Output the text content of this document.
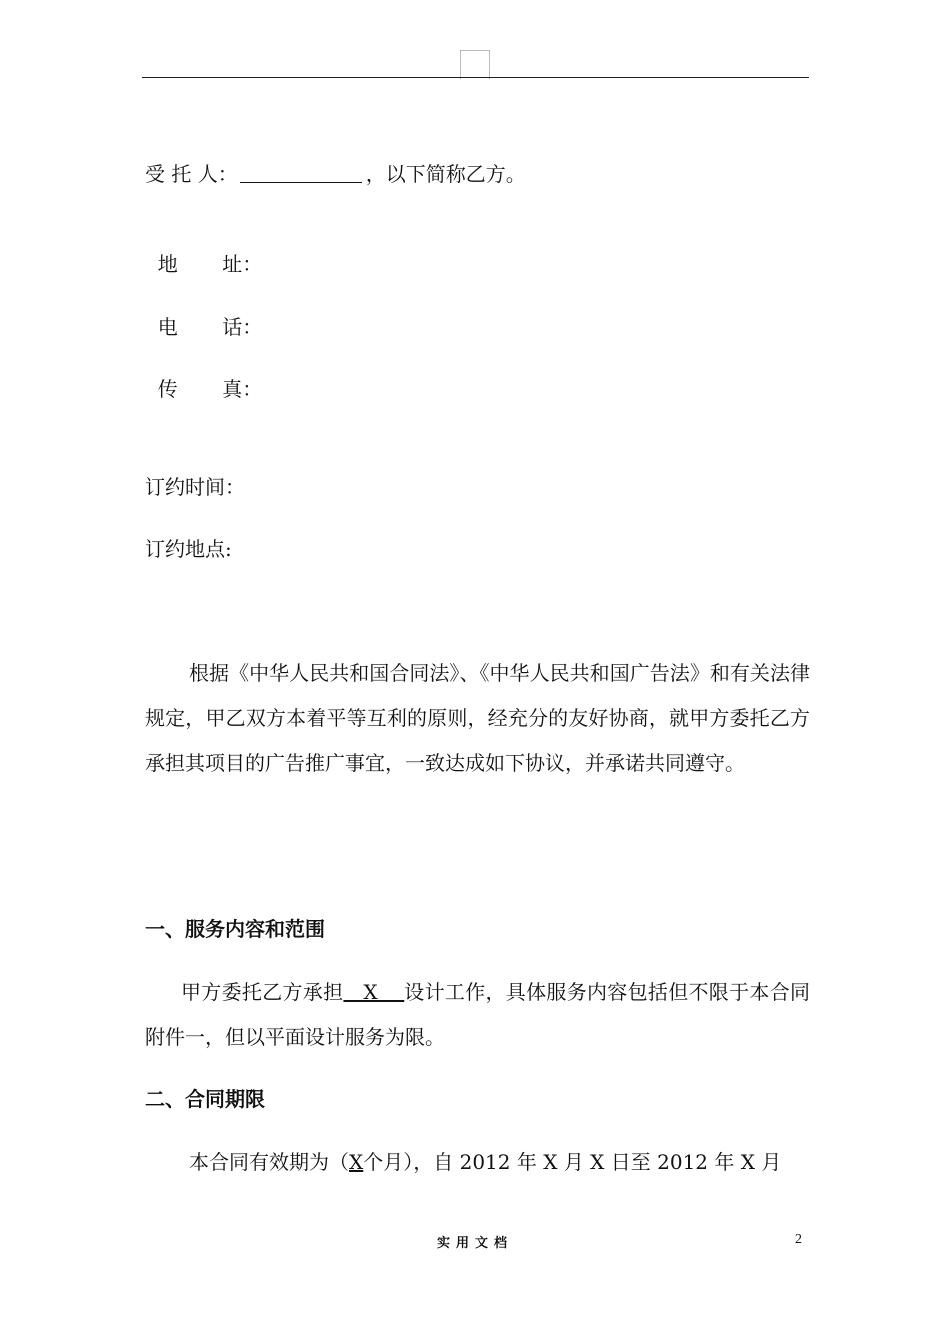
受 托 人：	，以下简称乙方。

地       址：

电       话：

传       真：

订约时间：
订约地点:
根据《中华人民共和国合同法》、《中华人民共和国广告法》和有关法律规定，甲乙双方本着平等互利的原则，经充分的友好协商，就甲方委托乙方承担其项目的广告推广事宜，一致达成如下协议，并承诺共同遵守。
一、服务内容和范围
甲方委托乙方承担   X    设计工作，具体服务内容包括但不限于本合同附件一，但以平面设计服务为限。
二、合同期限
本合同有效期为（X个月），自 2012 年 X 月 X 日至 2012 年 X 月
实用文档	2
